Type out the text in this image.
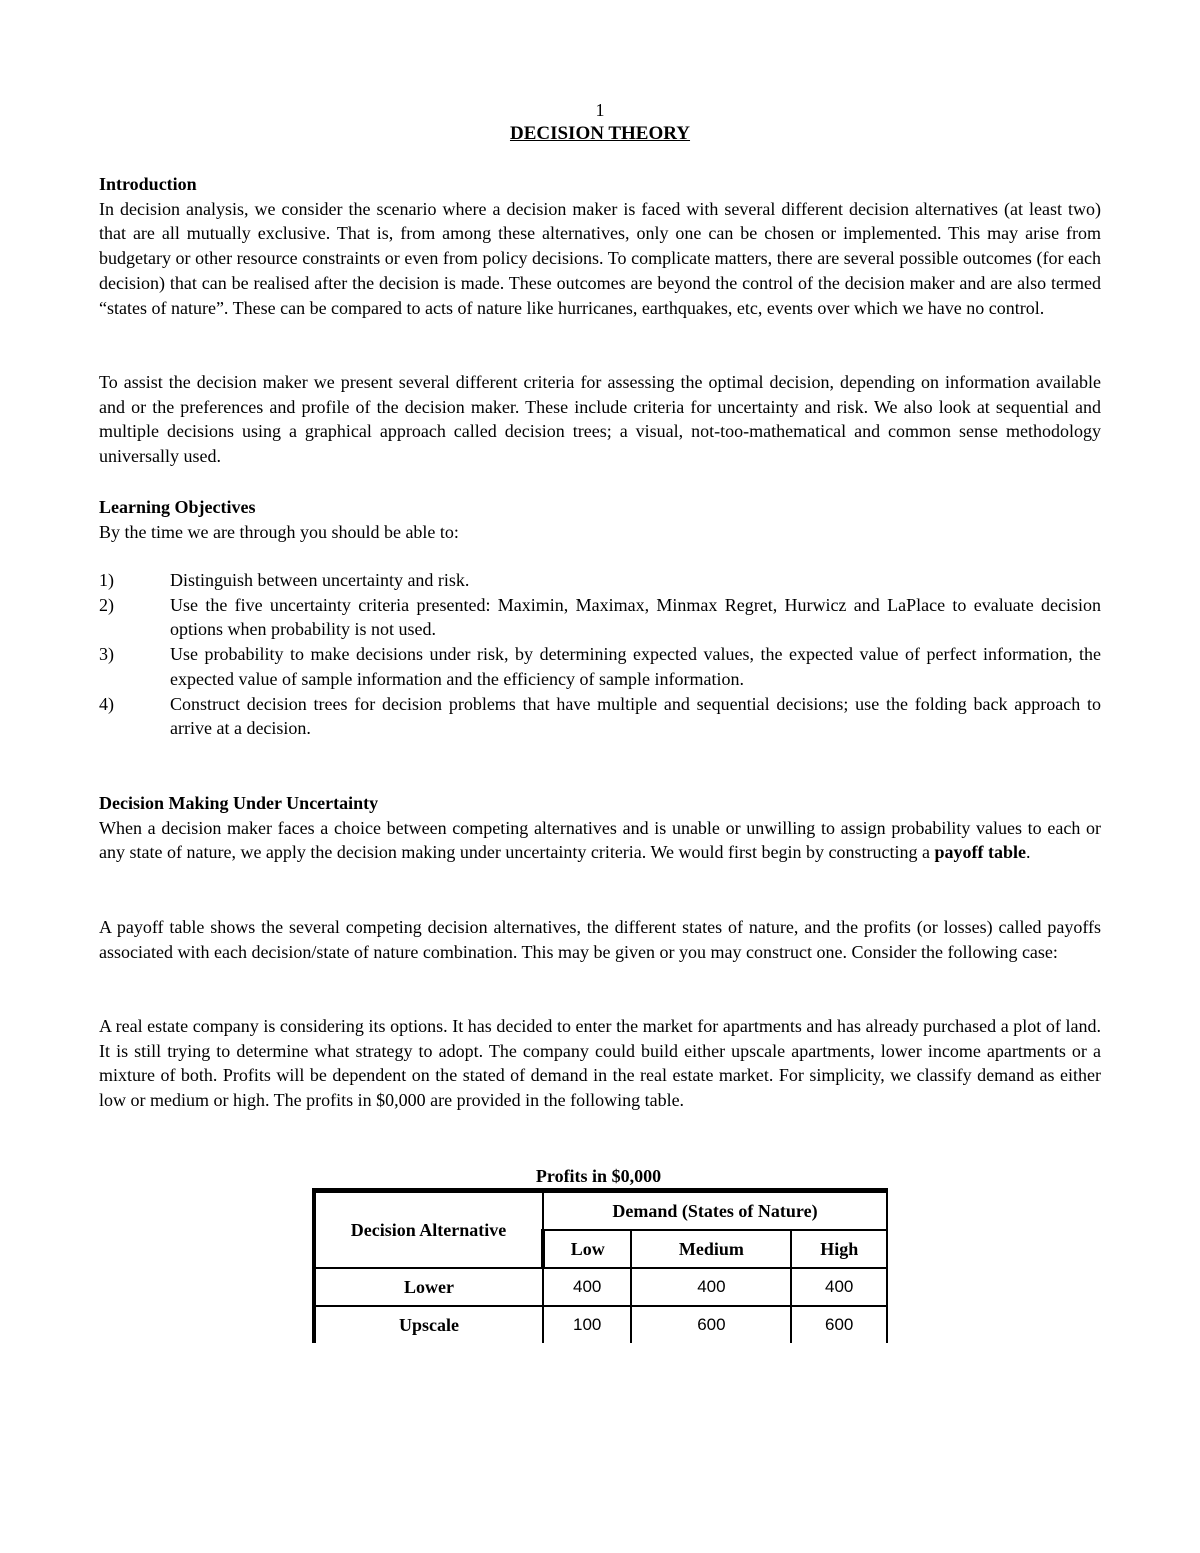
1
DECISION THEORY
Introduction

In decision analysis, we consider the scenario where a decision maker is faced with several different decision alternatives (at least two) that are all mutually exclusive. That is, from among these alternatives, only one can be chosen or implemented. This may arise from budgetary or other resource constraints or even from policy decisions. To complicate matters, there are several possible outcomes (for each decision) that can be realised after the decision is made. These outcomes are beyond the control of the decision maker and are also termed “states of nature”. These can be compared to acts of nature like hurricanes, earthquakes, etc, events over which we have no control.

To assist the decision maker we present several different criteria for assessing the optimal decision, depending on information available and or the preferences and profile of the decision maker. These include criteria for uncertainty and risk. We also look at sequential and multiple decisions using a graphical approach called decision trees; a visual, not-too-mathematical and common sense methodology universally used.

Learning Objectives
By the time we are through you should be able to:
1)	Distinguish between uncertainty and risk.
2)	Use the five uncertainty criteria presented: Maximin, Maximax, Minmax Regret, Hurwicz and LaPlace to evaluate decision options when probability is not used.
3)	Use probability to make decisions under risk, by determining expected values, the expected value of perfect information, the expected value of sample information and the efficiency of sample information.
4)	Construct decision trees for decision problems that have multiple and sequential decisions; use the folding back approach to arrive at a decision.
Decision Making Under Uncertainty

When a decision maker faces a choice between competing alternatives and is unable or unwilling to assign probability values to each or any state of nature, we apply the decision making under uncertainty criteria. We would first begin by constructing a payoff table.

A payoff table shows the several competing decision alternatives, the different states of nature, and the profits (or losses) called payoffs associated with each decision/state of nature combination. This may be given or you may construct one. Consider the following case:

A real estate company is considering its options. It has decided to enter the market for apartments and has already purchased a plot of land. It is still trying to determine what strategy to adopt. The company could build either upscale apartments, lower income apartments or a mixture of both. Profits will be dependent on the stated of demand in the real estate market. For simplicity, we classify demand as either low or medium or high. The profits in $0,000 are provided in the following table.

Profits in $0,000
Decision Alternative	Demand (States of Nature)		
	Low	Medium	High
Lower	400	400	400
Upscale	100	600	600
